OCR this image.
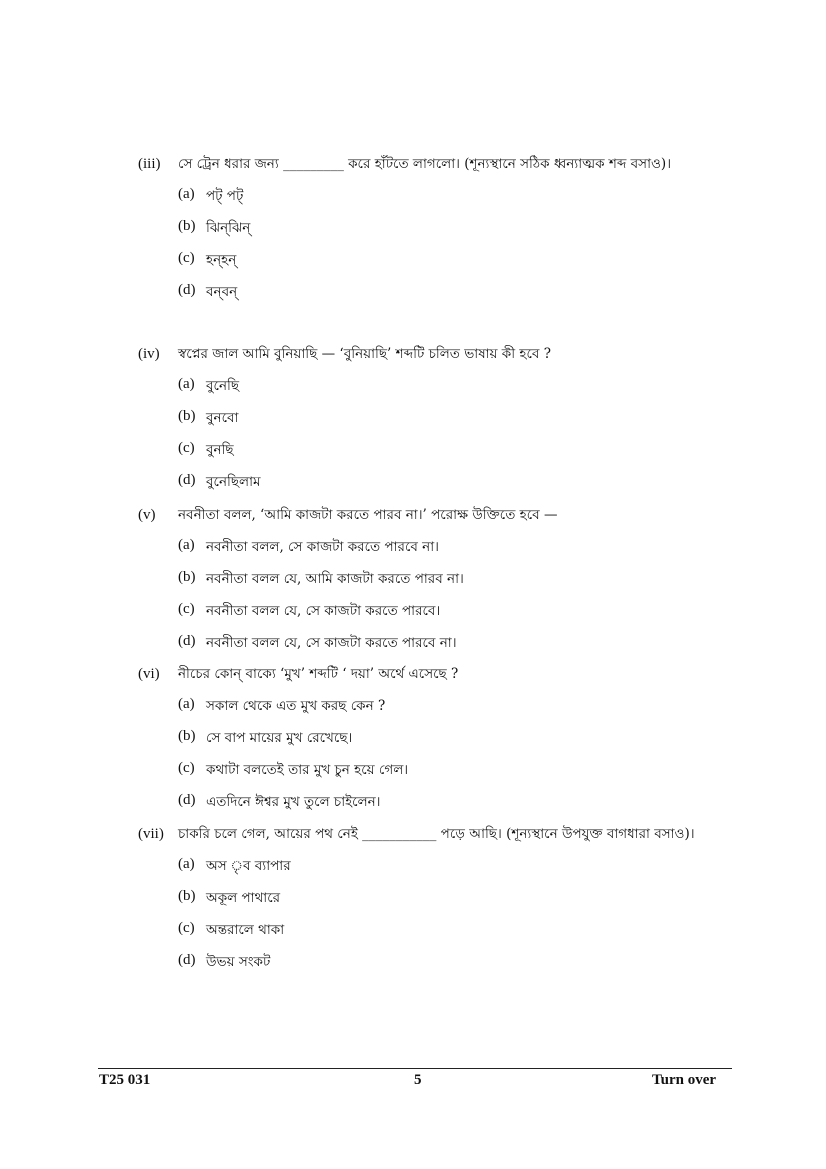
(iii)	সে ট্রেন ধরার জন্য _________ করে হাঁটতে লাগলো। (শূন্যস্থানে সঠিক ধ্বন্যাত্মক শব্দ বসাও)।
(a) পট্ পট্
(b) ঝিন্‌ঝিন্
(c) হন্‌হন্
(d) বন্‌বন্
(iv)	স্বপ্নের জাল আমি বুনিয়াছি — ‘বুনিয়াছি’ শব্দটি চলিত ভাষায় কী হবে ?
(a) বুনেছি
(b) বুনবো
(c) বুনছি
(d) বুনেছিলাম
(v)	নবনীতা বলল, ‘আমি কাজটা করতে পারব না।’ পরোক্ষ উক্তিতে হবে —
(a) নবনীতা বলল, সে কাজটা করতে পারবে না।
(b) নবনীতা বলল যে, আমি কাজটা করতে পারব না।
(c) নবনীতা বলল যে, সে কাজটা করতে পারবে।
(d) নবনীতা বলল যে, সে কাজটা করতে পারবে না।
(vi)	নীচের কোন্ বাক্যে ‘মুখ’ শব্দটি ‘ দয়া’ অর্থে এসেছে ?
(a) সকাল থেকে এত মুখ করছ কেন ?
(b) সে বাপ মায়ের মুখ রেখেছে।
(c) কথাটা বলতেই তার মুখ চুন হয়ে গেল।
(d) এতদিনে ঈশ্বর মুখ তুলে চাইলেন।
(vii)	চাকরি চলে গেল, আয়ের পথ নেই ___________ পড়ে আছি। (শূন্যস্থানে উপযুক্ত বাগধারা বসাও)।
(a) অস ৃব ব্যাপার
(b) অকূল পাথারে
(c) অন্তরালে থাকা
(d) উভয় সংকট
T25 031	5	Turn over
